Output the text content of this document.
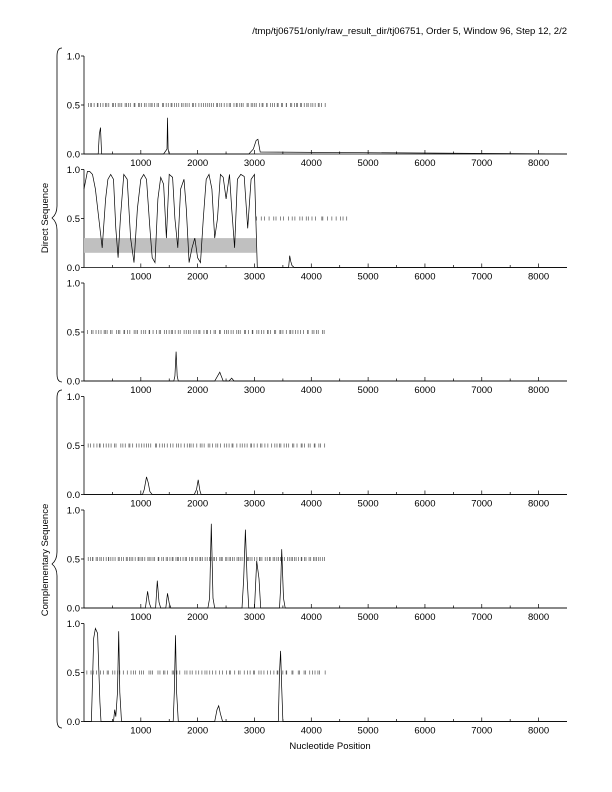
/tmp/tj06751/only/raw_result_dir/tj06751, Order 5, Window 96, Step 12, 2/2
0.0
0.5
1.0
1000	2000	3000	4000	5000	6000	7000	8000
0.0
0.5
1.0
1000	2000	3000	4000	5000	6000	7000	8000
0.0
0.5
1.0
1000	2000	3000	4000	5000	6000	7000	8000
0.0
0.5
1.0
1000	2000	3000	4000	5000	6000	7000	8000
0.0
0.5
1.0
1000	2000	3000	4000	5000	6000	7000	8000
0.0
0.5
1.0
1000	2000	3000	4000	5000	6000	7000	8000
Nucleotide Position
Direct Sequence
Complementary Sequence
